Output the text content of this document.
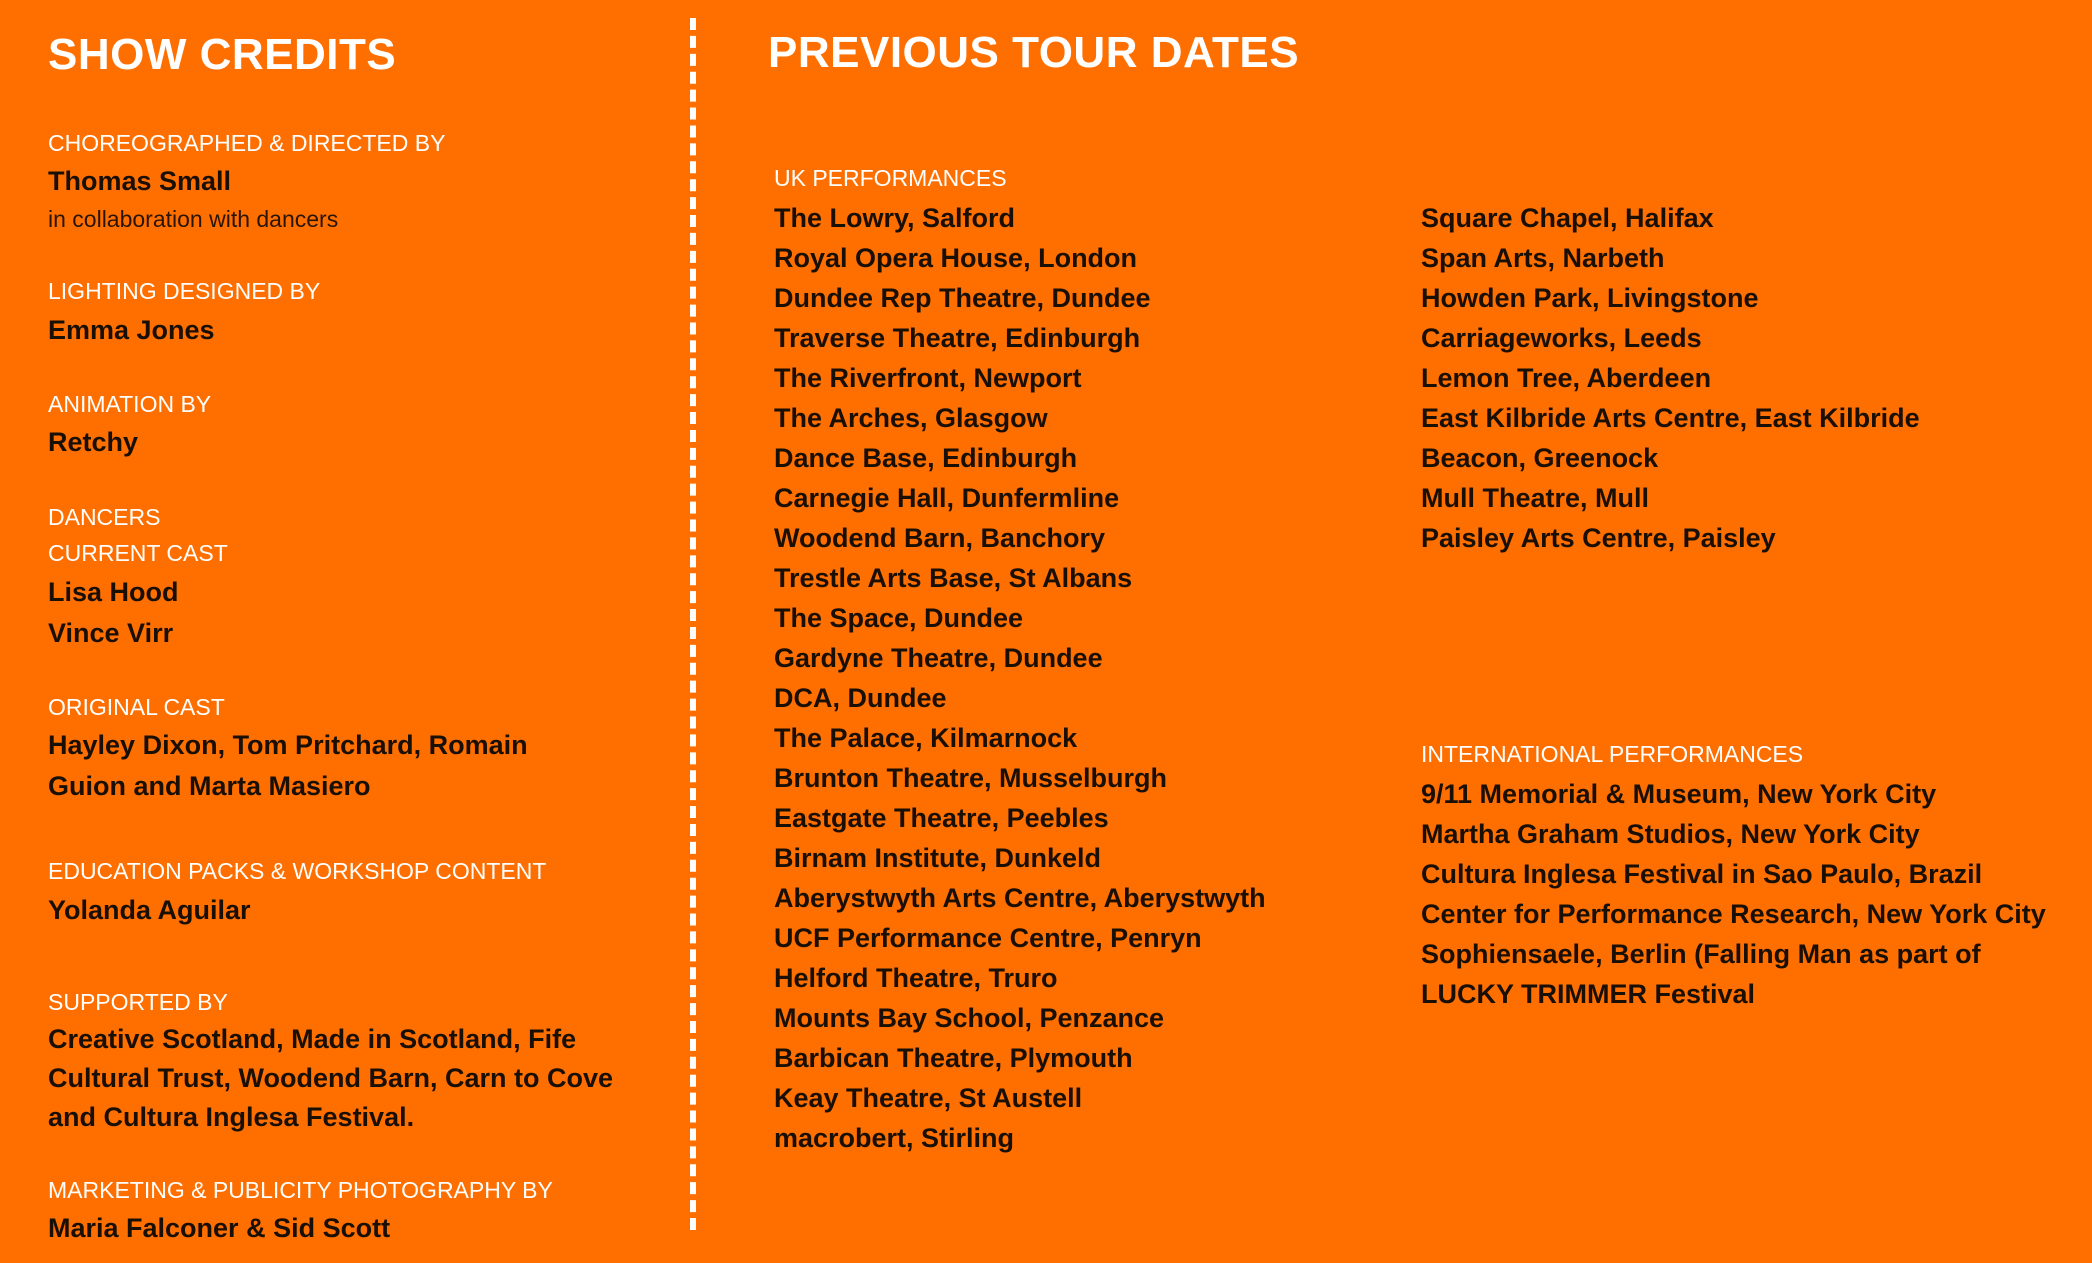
SHOW CREDITS

CHOREOGRAPHED & DIRECTED BY

Thomas Small

in collaboration with dancers

LIGHTING DESIGNED BY

Emma Jones

ANIMATION BY

Retchy

DANCERS

CURRENT CAST

Lisa Hood

Vince Virr

ORIGINAL CAST

Hayley Dixon, Tom Pritchard, Romain

Guion and Marta Masiero

EDUCATION PACKS & WORKSHOP CONTENT

Yolanda Aguilar

SUPPORTED BY

Creative Scotland, Made in Scotland, Fife

Cultural Trust, Woodend Barn, Carn to Cove

and Cultura Inglesa Festival.

MARKETING & PUBLICITY PHOTOGRAPHY BY

Maria Falconer & Sid Scott

PREVIOUS TOUR DATES

UK PERFORMANCES

The Lowry, Salford
Royal Opera House, London
Dundee Rep Theatre, Dundee
Traverse Theatre, Edinburgh
The Riverfront, Newport
The Arches, Glasgow
Dance Base, Edinburgh
Carnegie Hall, Dunfermline
Woodend Barn, Banchory
Trestle Arts Base, St Albans
The Space, Dundee
Gardyne Theatre, Dundee
DCA, Dundee
The Palace, Kilmarnock
Brunton Theatre, Musselburgh
Eastgate Theatre, Peebles
Birnam Institute, Dunkeld
Aberystwyth Arts Centre, Aberystwyth
UCF Performance Centre, Penryn
Helford Theatre, Truro
Mounts Bay School, Penzance
Barbican Theatre, Plymouth
Keay Theatre, St Austell
macrobert, Stirling
Square Chapel, Halifax
Span Arts, Narbeth
Howden Park, Livingstone
Carriageworks, Leeds
Lemon Tree, Aberdeen
East Kilbride Arts Centre, East Kilbride
Beacon, Greenock
Mull Theatre, Mull
Paisley Arts Centre, Paisley

INTERNATIONAL PERFORMANCES

9/11 Memorial & Museum, New York City
Martha Graham Studios, New York City
Cultura Inglesa Festival in Sao Paulo, Brazil
Center for Performance Research, New York City
Sophiensaele, Berlin (Falling Man as part of
LUCKY TRIMMER Festival
